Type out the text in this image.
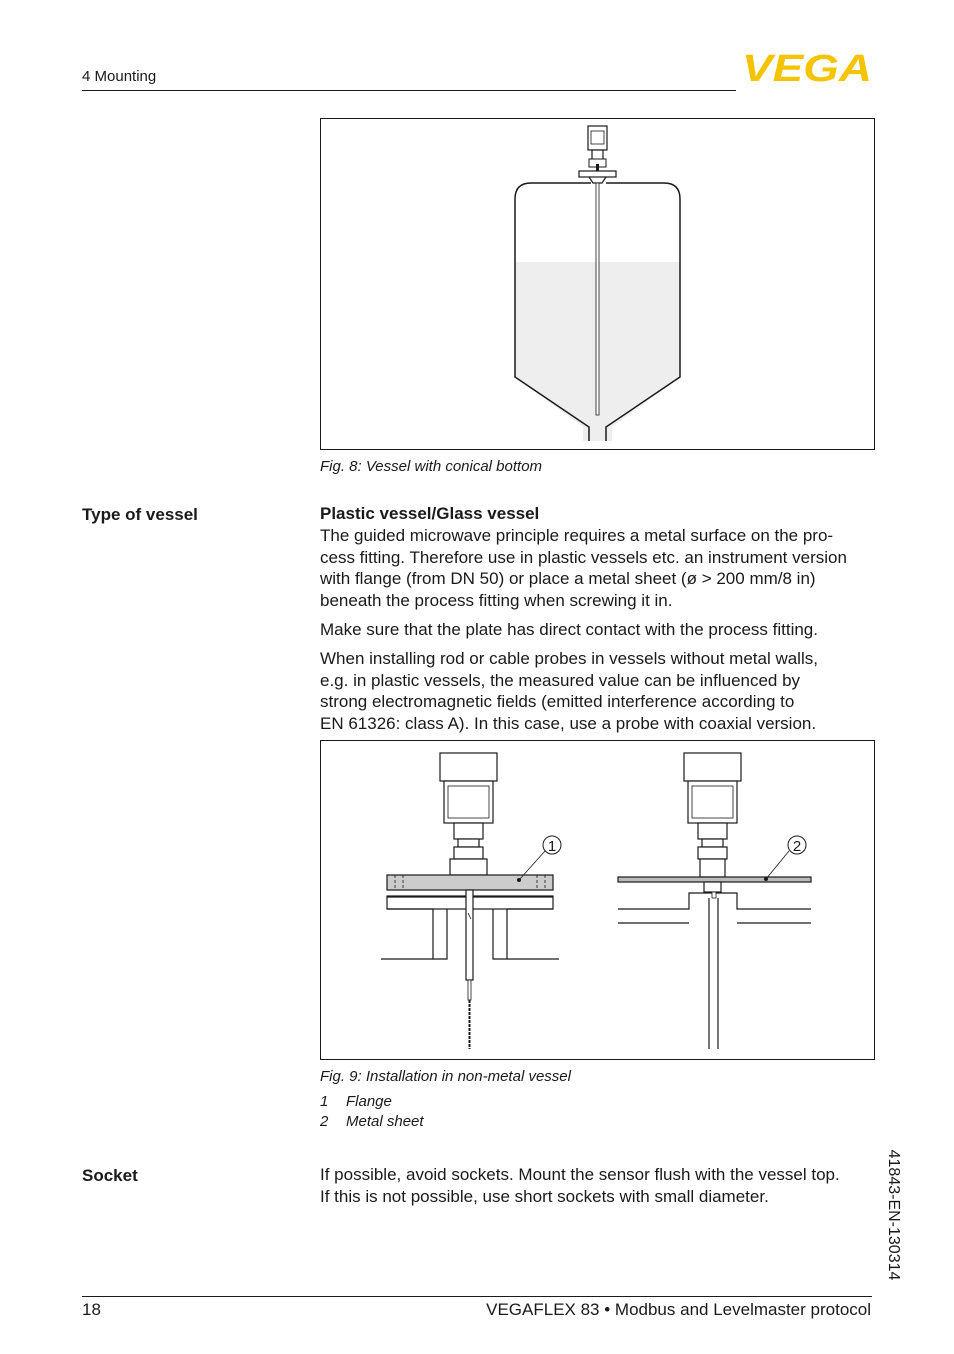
4 Mounting	VEGA
Fig. 8: Vessel with conical bottom
Type of vessel	Plastic vessel/Glass vessel

The guided microwave principle requires a metal surface on the pro-
cess fitting. Therefore use in plastic vessels etc. an instrument version
with flange (from DN 50) or place a metal sheet (ø > 200 mm/8 in)
beneath the process fitting when screwing it in.

Make sure that the plate has direct contact with the process fitting.

When installing rod or cable probes in vessels without metal walls,
e.g. in plastic vessels, the measured value can be influenced by
strong electromagnetic fields (emitted interference according to
EN 61326: class A). In this case, use a probe with coaxial version.

1	2
Fig. 9: Installation in non-metal vessel
1 Flange
2 Metal sheet
Socket	If possible, avoid sockets. Mount the sensor flush with the vessel top.
If this is not possible, use short sockets with small diameter.	41843-EN-130314
18	VEGAFLEX 83 • Modbus and Levelmaster protocol
